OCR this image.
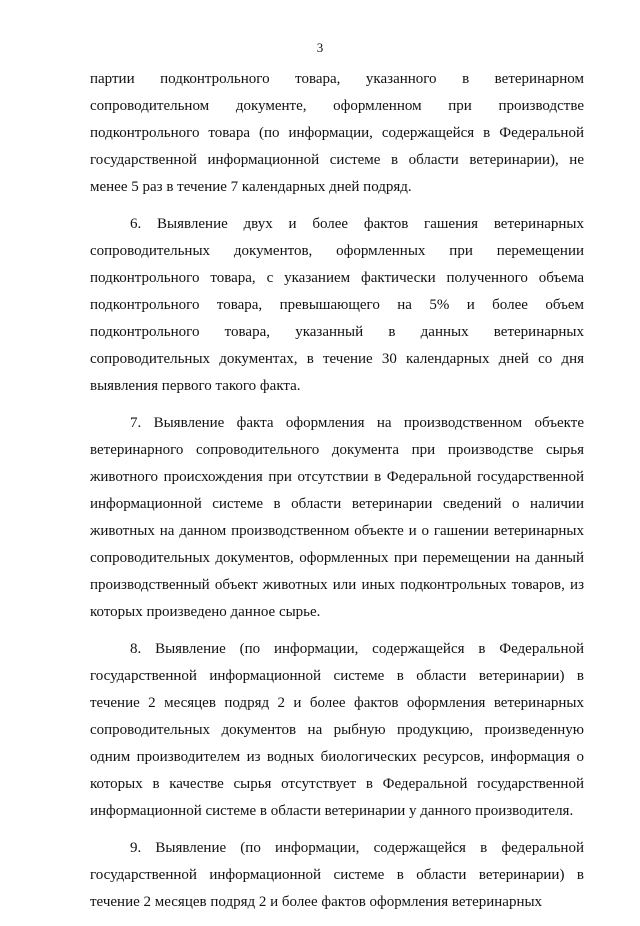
3

партии подконтрольного товара, указанного в ветеринарном сопроводительном документе, оформленном при производстве подконтрольного товара (по информации, содержащейся в Федеральной государственной информационной системе в области ветеринарии), не менее 5 раз в течение 7 календарных дней подряд.

6. Выявление двух и более фактов гашения ветеринарных сопроводительных документов, оформленных при перемещении подконтрольного товара, с указанием фактически полученного объема подконтрольного товара, превышающего на 5% и более объем подконтрольного товара, указанный в данных ветеринарных сопроводительных документах, в течение 30 календарных дней со дня выявления первого такого факта.

7. Выявление факта оформления на производственном объекте ветеринарного сопроводительного документа при производстве сырья животного происхождения при отсутствии в Федеральной государственной информационной системе в области ветеринарии сведений о наличии животных на данном производственном объекте и о гашении ветеринарных сопроводительных документов, оформленных при перемещении на данный производственный объект животных или иных подконтрольных товаров, из которых произведено данное сырье.

8. Выявление (по информации, содержащейся в Федеральной государственной информационной системе в области ветеринарии) в течение 2 месяцев подряд 2 и более фактов оформления ветеринарных сопроводительных документов на рыбную продукцию, произведенную одним производителем из водных биологических ресурсов, информация о которых в качестве сырья отсутствует в Федеральной государственной информационной системе в области ветеринарии у данного производителя.

9. Выявление (по информации, содержащейся в федеральной государственной информационной системе в области ветеринарии) в течение 2 месяцев подряд 2 и более фактов оформления ветеринарных
